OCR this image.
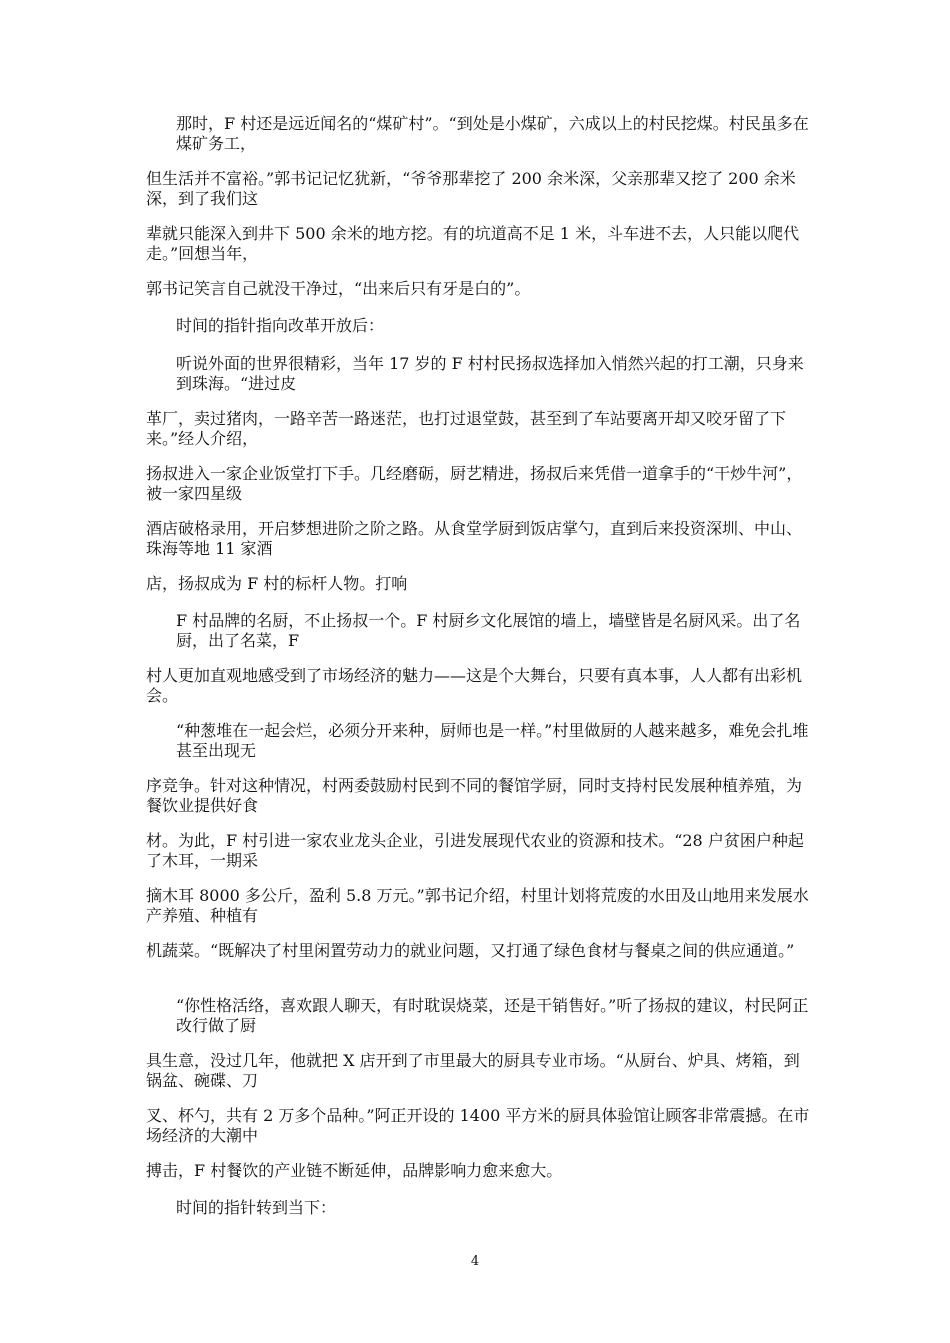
那时，F 村还是远近闻名的“煤矿村”。“到处是小煤矿，六成以上的村民挖煤。村民虽多在煤矿务工，

但生活并不富裕。”郭书记记忆犹新，“爷爷那辈挖了 200 余米深，父亲那辈又挖了 200 余米深，到了我们这

辈就只能深入到井下 500 余米的地方挖。有的坑道高不足 1 米，斗车进不去，人只能以爬代走。”回想当年，

郭书记笑言自己就没干净过，“出来后只有牙是白的”。

时间的指针指向改革开放后：

听说外面的世界很精彩，当年 17 岁的 F 村村民扬叔选择加入悄然兴起的打工潮，只身来到珠海。“进过皮

革厂，卖过猪肉，一路辛苦一路迷茫，也打过退堂鼓，甚至到了车站要离开却又咬牙留了下来。”经人介绍，

扬叔进入一家企业饭堂打下手。几经磨砺，厨艺精进，扬叔后来凭借一道拿手的“干炒牛河”，被一家四星级

酒店破格录用，开启梦想进阶之阶之路。从食堂学厨到饭店掌勺，直到后来投资深圳、中山、珠海等地 11 家酒

店，扬叔成为 F 村的标杆人物。打响

F 村品牌的名厨，不止扬叔一个。F 村厨乡文化展馆的墙上，墙壁皆是名厨风采。出了名厨，出了名菜，F

村人更加直观地感受到了市场经济的魅力——这是个大舞台，只要有真本事，人人都有出彩机会。

“种葱堆在一起会烂，必须分开来种，厨师也是一样。”村里做厨的人越来越多，难免会扎堆甚至出现无

序竞争。针对这种情况，村两委鼓励村民到不同的餐馆学厨，同时支持村民发展种植养殖，为餐饮业提供好食

材。为此，F 村引进一家农业龙头企业，引进发展现代农业的资源和技术。“28 户贫困户种起了木耳，一期采

摘木耳 8000 多公斤，盈利 5.8 万元。”郭书记介绍，村里计划将荒废的水田及山地用来发展水产养殖、种植有

机蔬菜。“既解决了村里闲置劳动力的就业问题，又打通了绿色食材与餐桌之间的供应通道。”

“你性格活络，喜欢跟人聊天，有时耽误烧菜，还是干销售好。”听了扬叔的建议，村民阿正改行做了厨

具生意，没过几年，他就把 X 店开到了市里最大的厨具专业市场。“从厨台、炉具、烤箱，到锅盆、碗碟、刀

叉、杯勺，共有 2 万多个品种。”阿正开设的 1400 平方米的厨具体验馆让顾客非常震撼。在市场经济的大潮中

搏击，F 村餐饮的产业链不断延伸，品牌影响力愈来愈大。

时间的指针转到当下：

4
